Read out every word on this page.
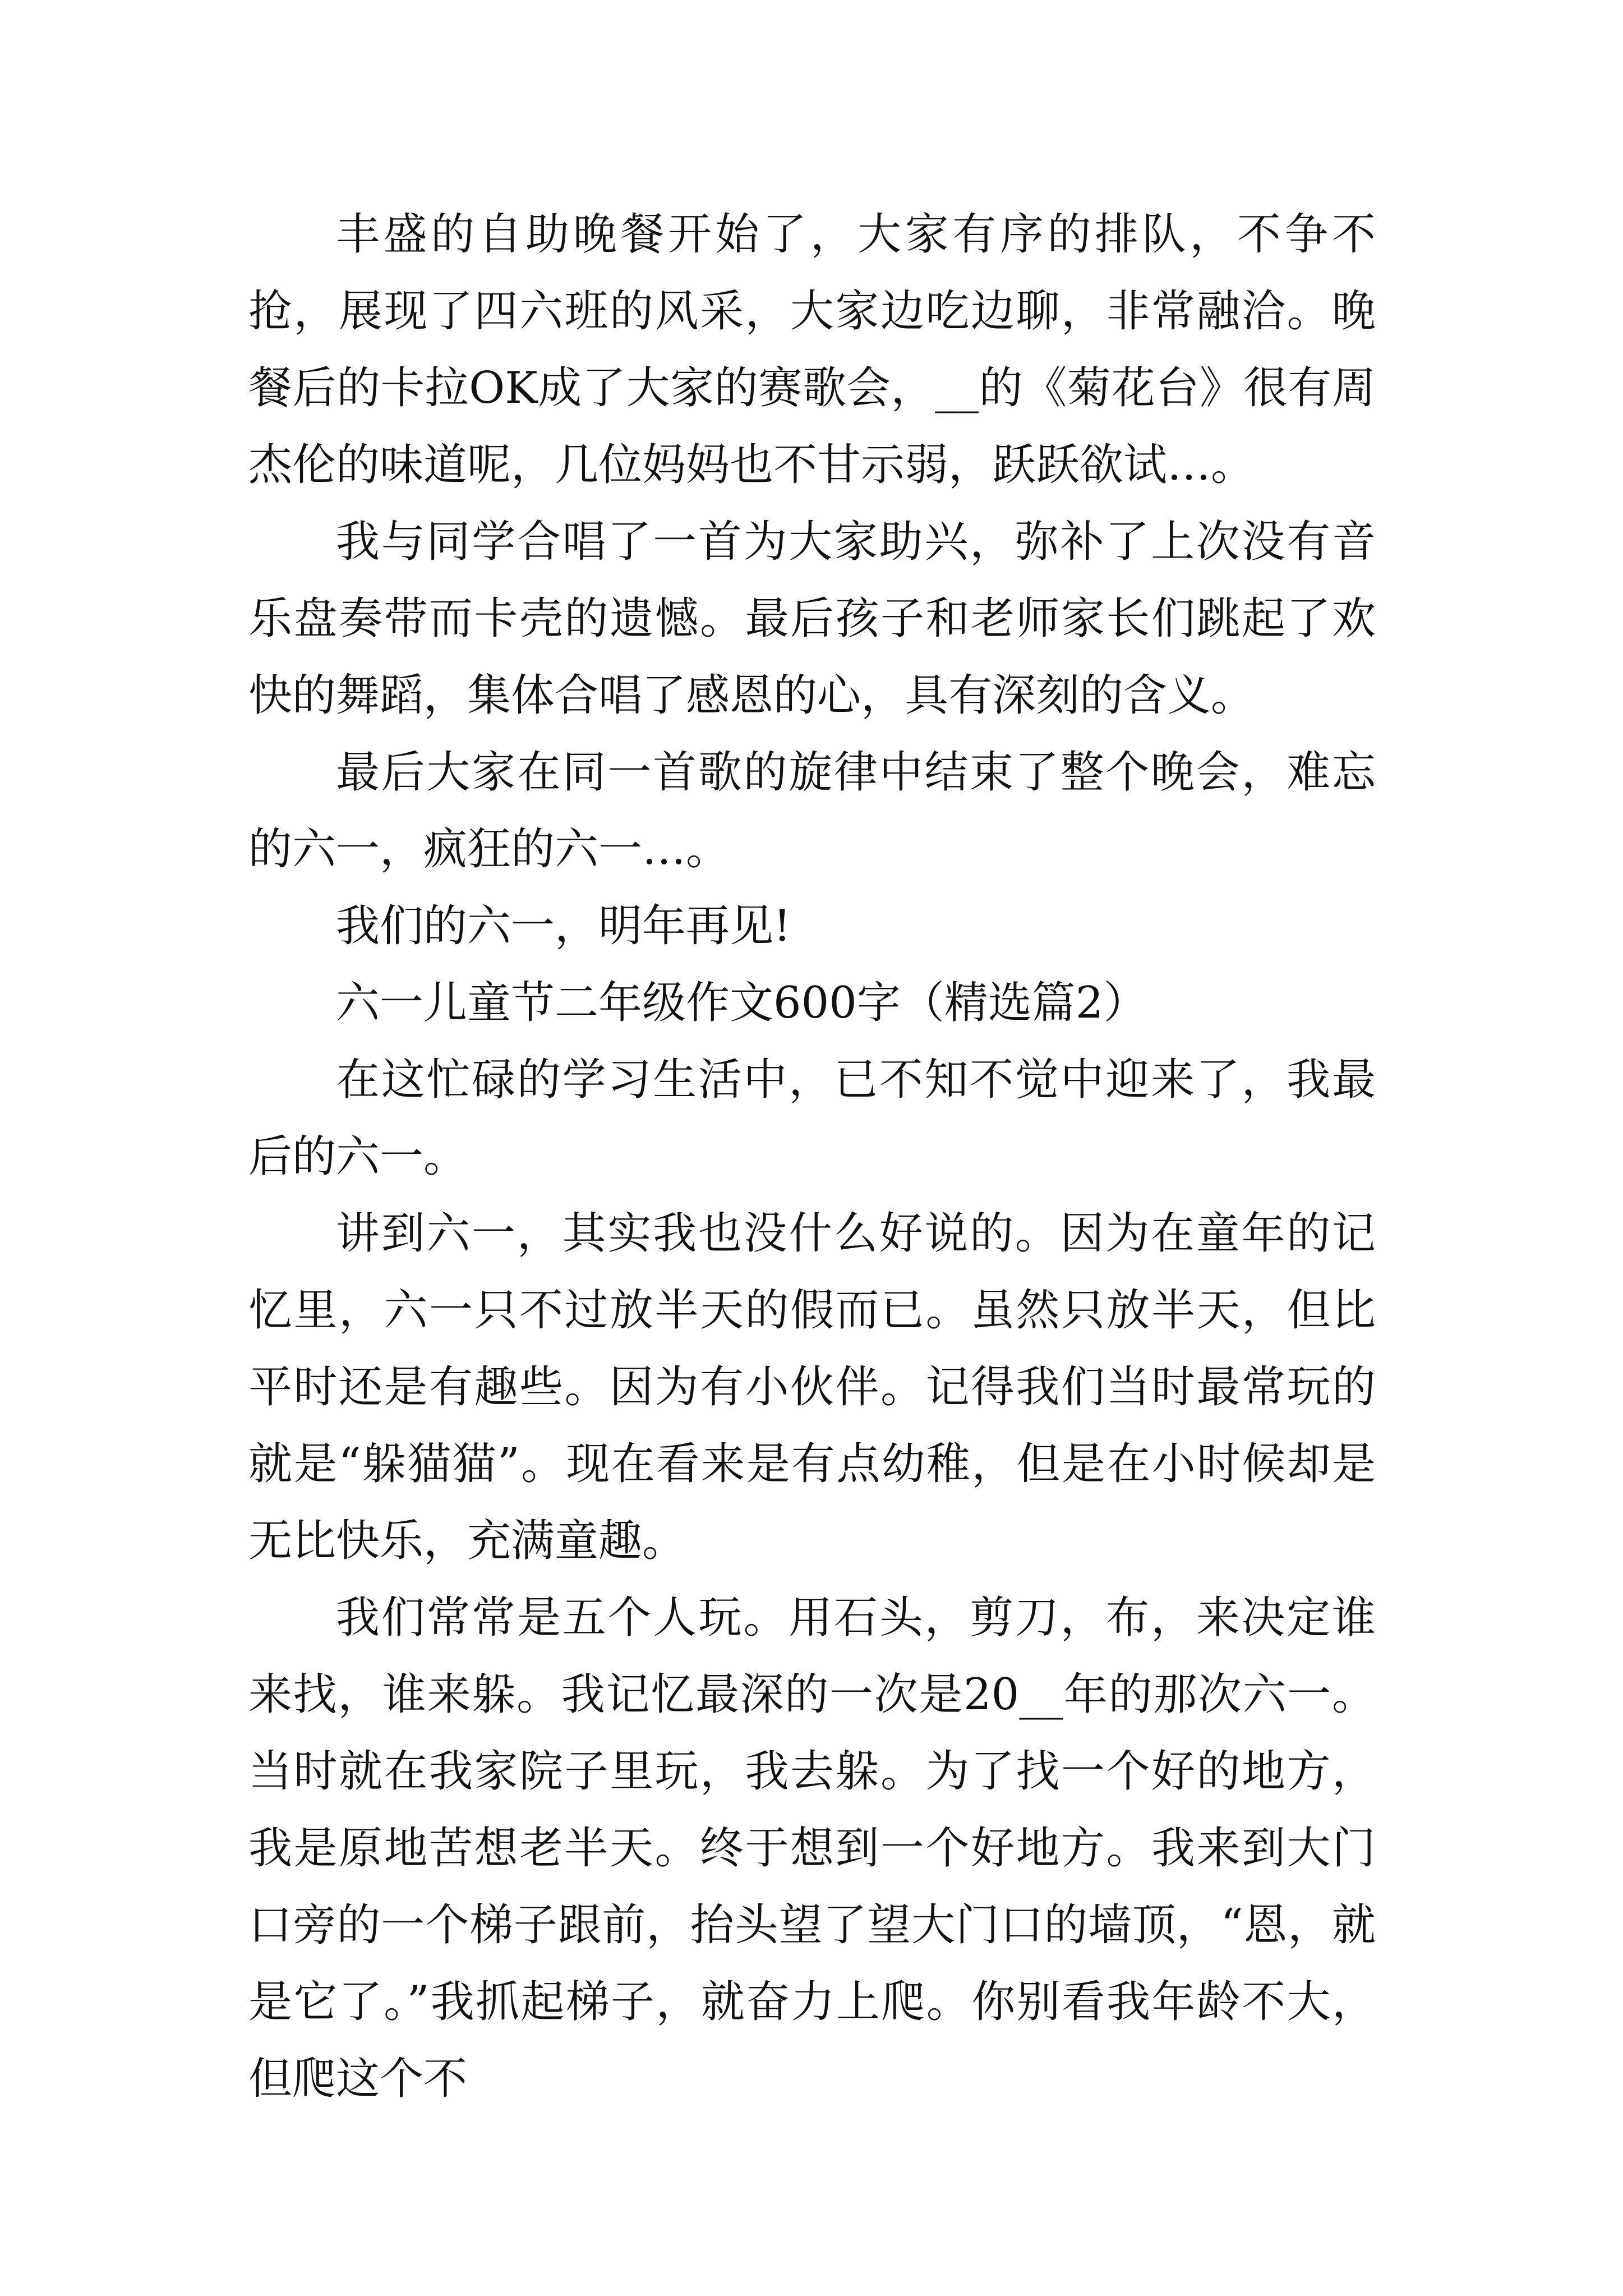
丰盛的自助晚餐开始了，大家有序的排队，不争不抢，展现了四六班的风采，大家边吃边聊，非常融洽。晚餐后的卡拉OK成了大家的赛歌会，__的《菊花台》很有周杰伦的味道呢，几位妈妈也不甘示弱，跃跃欲试…。

我与同学合唱了一首为大家助兴，弥补了上次没有音乐盘奏带而卡壳的遗憾。最后孩子和老师家长们跳起了欢快的舞蹈，集体合唱了感恩的心，具有深刻的含义。

最后大家在同一首歌的旋律中结束了整个晚会，难忘的六一，疯狂的六一…。

我们的六一，明年再见!

六一儿童节二年级作文600字（精选篇2）

在这忙碌的学习生活中，已不知不觉中迎来了，我最后的六一。

讲到六一，其实我也没什么好说的。因为在童年的记忆里，六一只不过放半天的假而已。虽然只放半天，但比平时还是有趣些。因为有小伙伴。记得我们当时最常玩的就是“躲猫猫”。现在看来是有点幼稚，但是在小时候却是无比快乐，充满童趣。

我们常常是五个人玩。用石头，剪刀，布，来决定谁来找，谁来躲。我记忆最深的一次是20__年的那次六一。当时就在我家院子里玩，我去躲。为了找一个好的地方，我是原地苦想老半天。终于想到一个好地方。我来到大门口旁的一个梯子跟前，抬头望了望大门口的墙顶，“恩，就是它了。”我抓起梯子，就奋力上爬。你别看我年龄不大，但爬这个不
